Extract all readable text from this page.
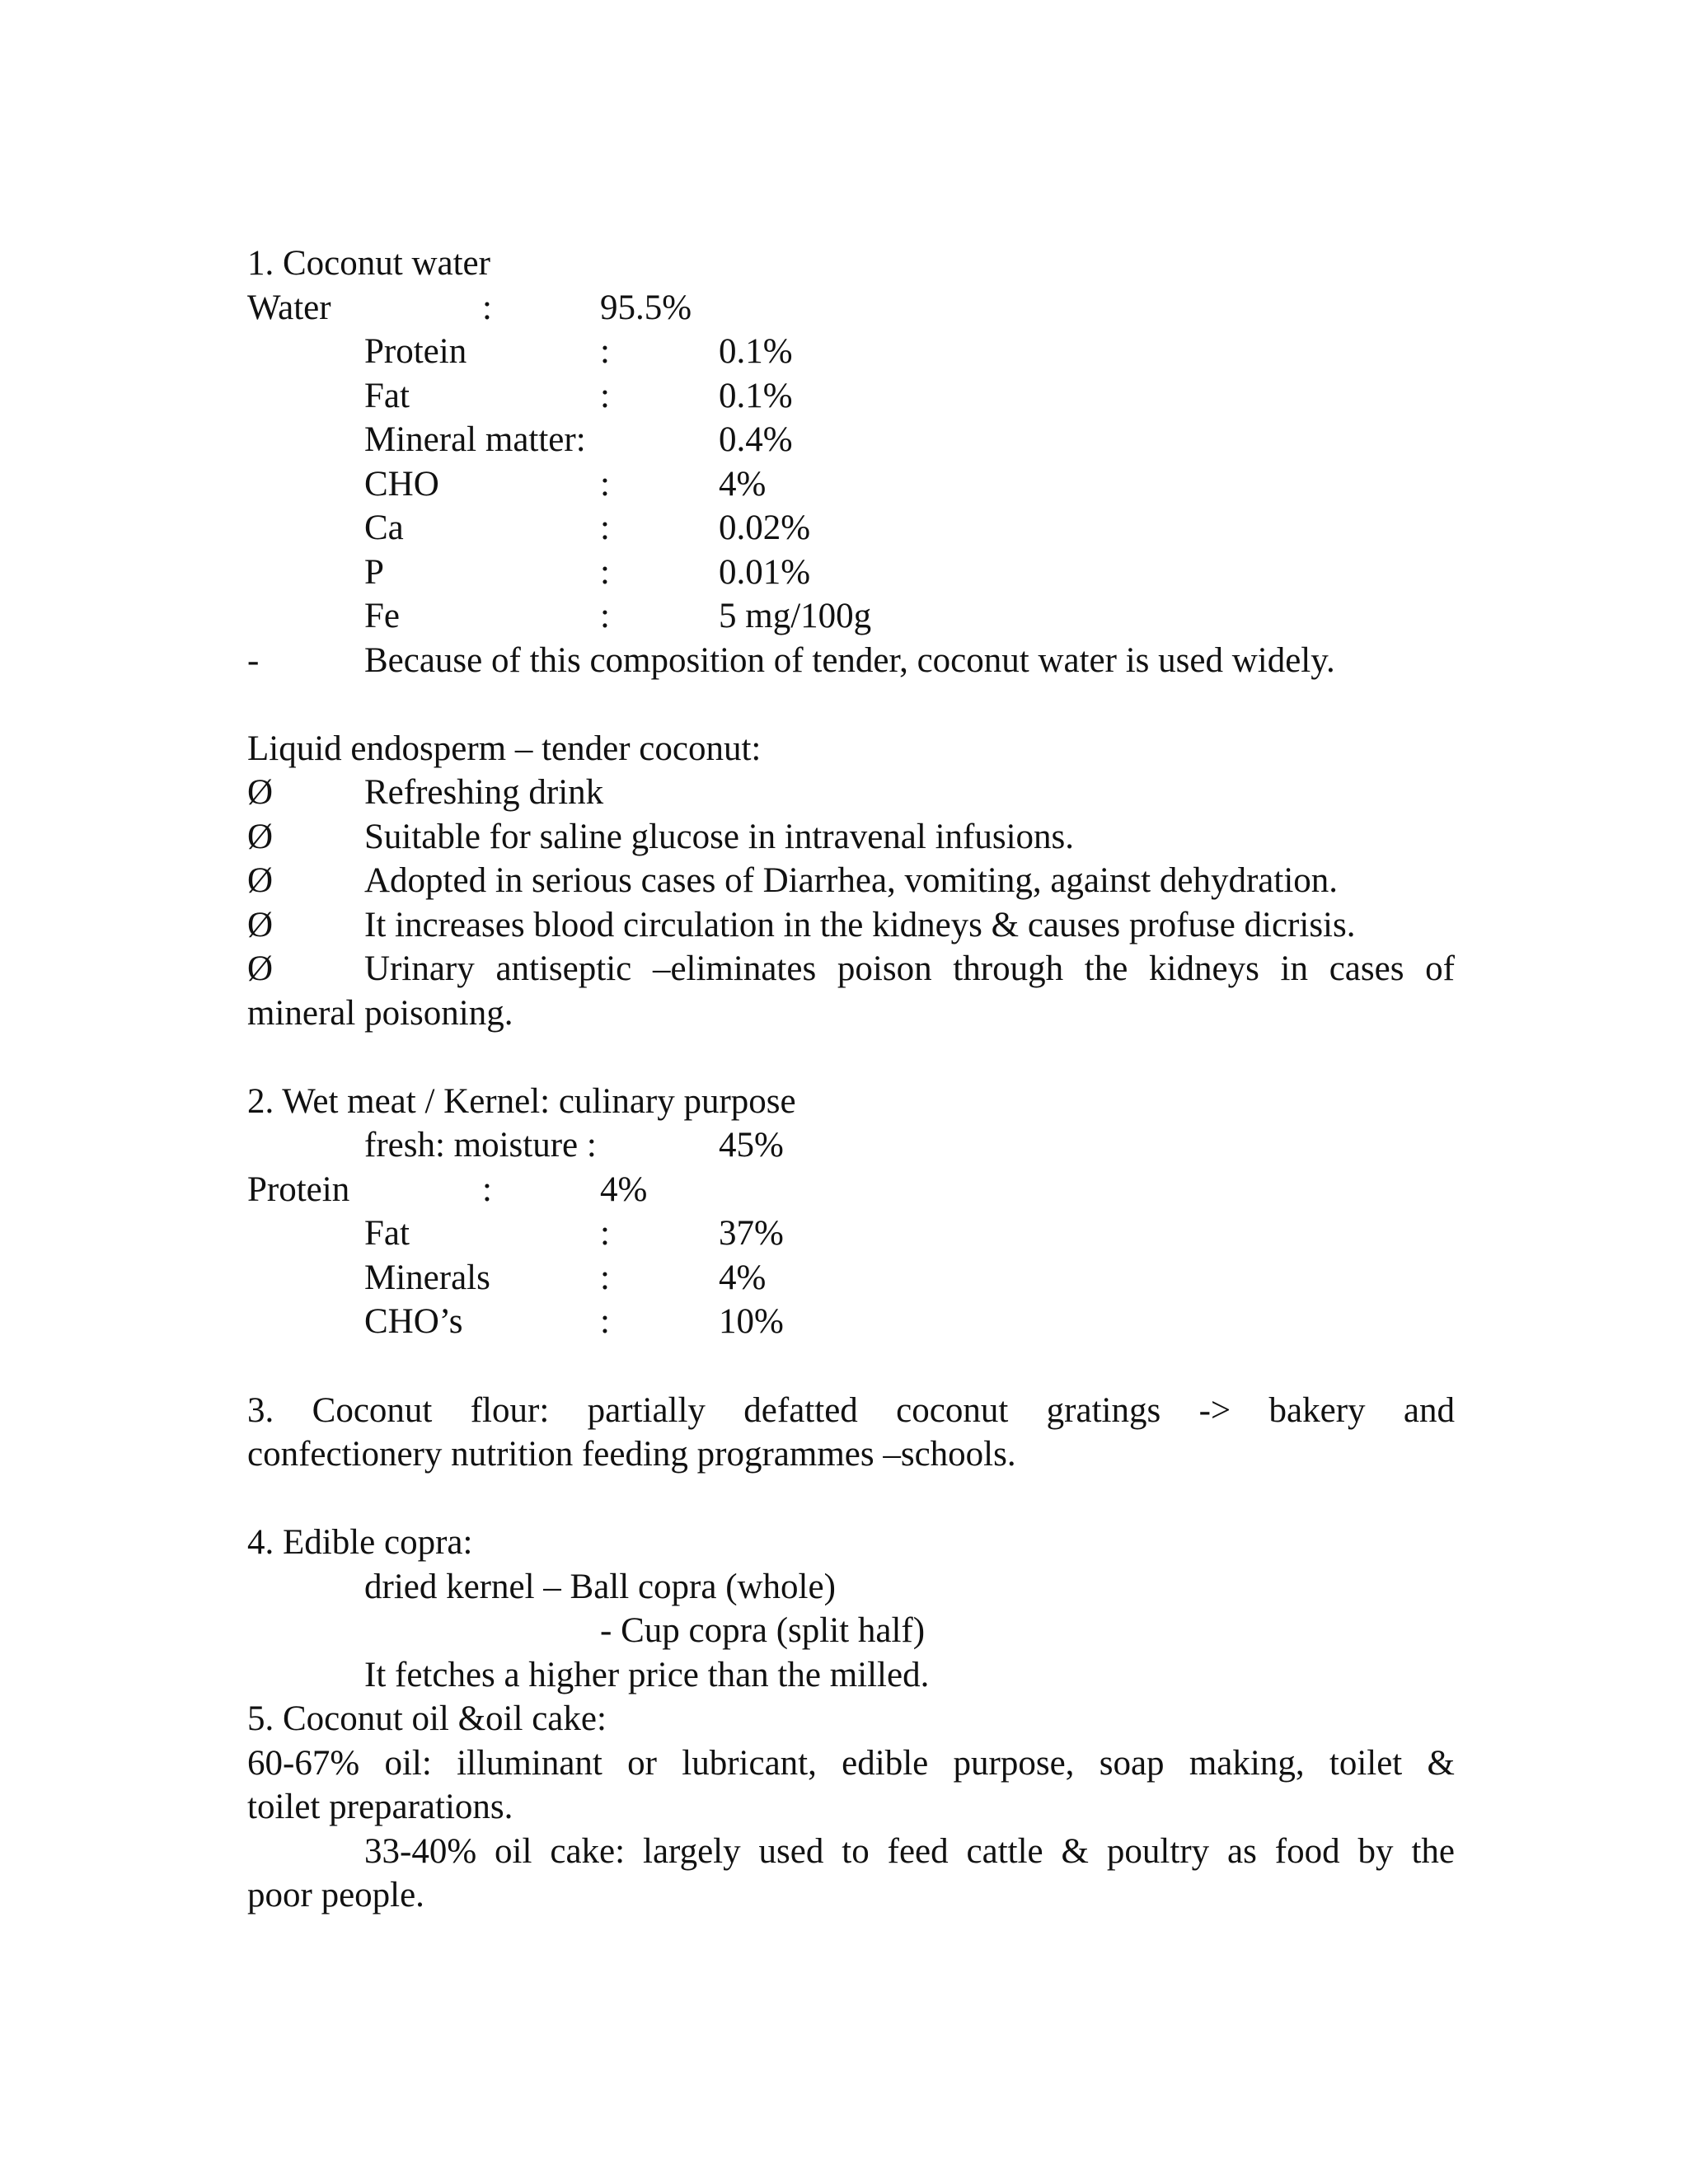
1. Coconut water
Water	:	95.5%
Protein	:	0.1%
Fat	:	0.1%
Mineral matter:	0.4%
CHO	:	4%
Ca	:	0.02%
P	:	0.01%
Fe	:	5 mg/100g
-	Because of this composition of tender, coconut water is used widely.
Liquid endosperm – tender coconut:
Ø	Refreshing drink
Ø	Suitable for saline glucose in intravenal infusions.
Ø	Adopted in serious cases of Diarrhea, vomiting, against dehydration.
Ø	It increases blood circulation in the kidneys & causes profuse dicrisis.
Ø	Urinary antiseptic –eliminates poison through the kidneys in cases of
mineral poisoning.
2. Wet meat / Kernel: culinary purpose
fresh: moisture :	45%
Protein	:	4%
Fat	:	37%
Minerals	:	4%
CHO’s	:	10%
3. Coconut flour: partially defatted coconut gratings -> bakery and
confectionery nutrition feeding programmes –schools.
4. Edible copra:
dried kernel – Ball copra (whole)
- Cup copra (split half)
It fetches a higher price than the milled.
5. Coconut oil &oil cake:
60-67% oil: illuminant or lubricant, edible purpose, soap making, toilet &
toilet preparations.
33-40% oil cake: largely used to feed cattle & poultry as food by the
poor people.
